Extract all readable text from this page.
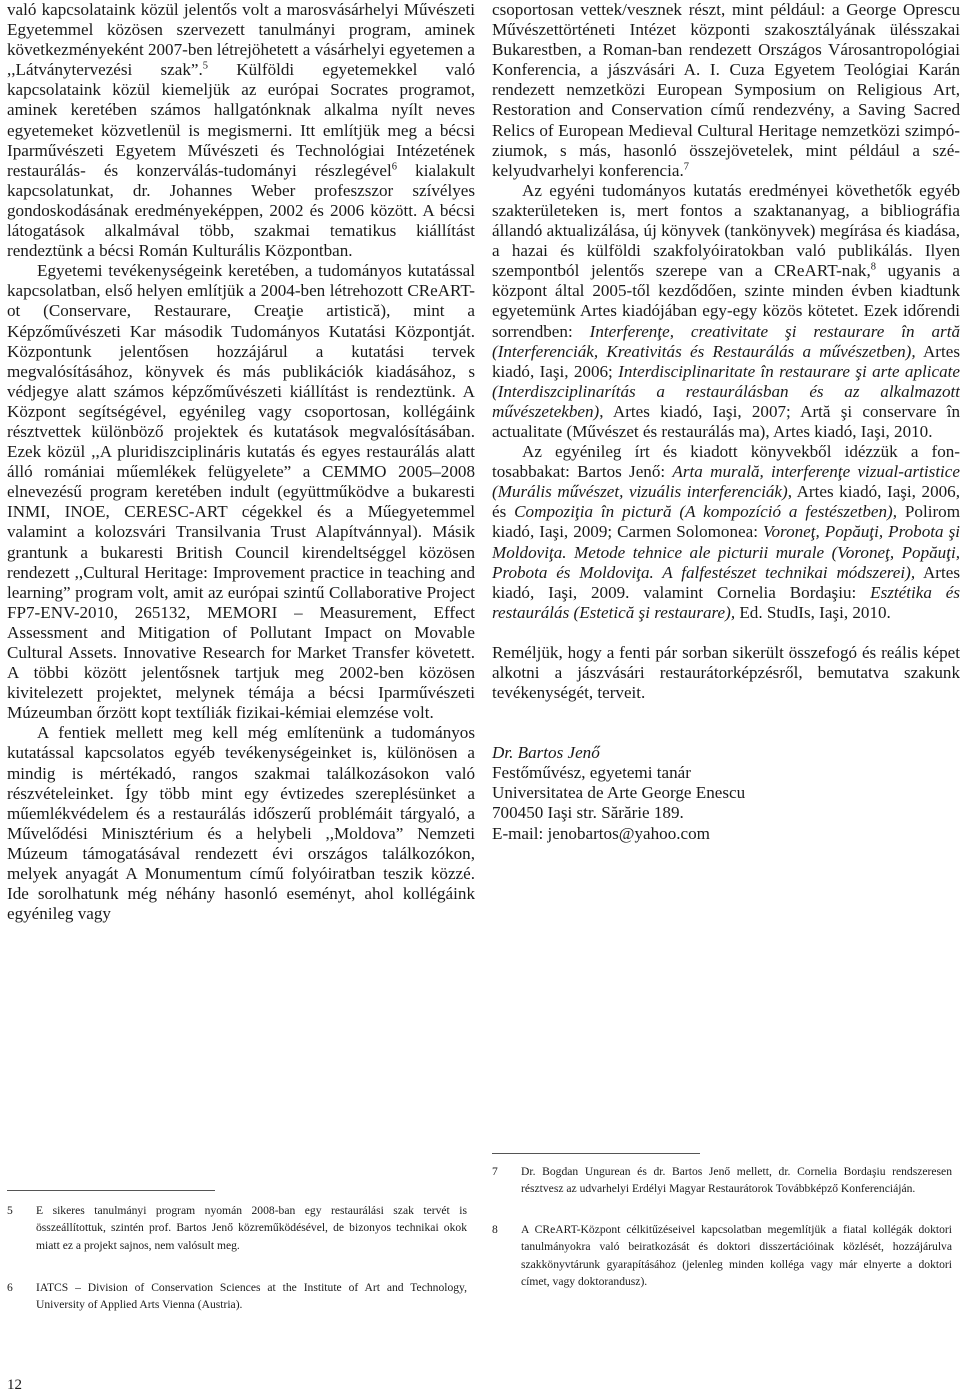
való kapcsolataink közül jelentős volt a marosvásárhelyi Művészeti Egyetemmel közösen szervezett tanulmányi program, aminek következményeként 2007-ben létrejöhetett a vásárhelyi egyetemen a ,,Látványtervezési szak”.$^5$ Külföldi egyetemekkel való kapcsolataink közül kiemeljük az európai Socrates programot, aminek keretében számos hallgatónknak alkalma nyílt neves egyetemeket közvetlenül is megismerni. Itt említjük meg a bécsi Iparművészeti Egyetem Művészeti és Technológiai Intézetének restaurálás- és konzerválás-tudományi részlegével$^6$ kialakult kapcsolatunkat, dr. Johannes Weber profeszszor szívélyes gondoskodásának eredményeképpen, 2002 és 2006 között. A bécsi látogatások alkalmával több, szakmai tematikus kiállítást rendeztünk a bécsi Román Kulturális Központban.

Egyetemi tevékenységeink keretében, a tudományos kutatással kapcsolatban, első helyen említjük a 2004-ben létrehozott CReART-ot (Conservare, Restaurare, Creaţie artistică), mint a Képzőművészeti Kar második Tudományos Kutatási Központját. Központunk jelentősen hozzájárul a kutatási tervek megvalósításához, könyvek és más publikációk kiadásához, s védjegye alatt számos képzőművészeti kiállítást is rendeztünk. A Központ segítségével, egyénileg vagy csoportosan, kollégáink résztvettek különböző projektek és kutatások megvalósításában. Ezek közül ,,A pluridiszciplináris kutatás és egyes restaurálás alatt álló romániai műemlékek felügyelete” a CEMMO 2005–2008 elnevezésű program keretében indult (együttműködve a bukaresti INMI, INOE, CERESC-ART cégekkel és a Műegyetemmel valamint a kolozsvári Transilvania Trust Alapítvánnyal). Másik grantunk a bukaresti British Council kirendeltséggel közösen rendezett ,,Cultural Heritage: Improvement practice in teaching and learning” program volt, amit az európai szintű Collaborative Project FP7-ENV-2010, 265132, MEMORI – Measurement, Effect Assessment and Mitigation of Pollutant Impact on Movable Cultural Assets. Innovative Research for Market Transfer követett. A többi között jelentősnek tartjuk meg 2002-ben közösen kivitelezett projektet, melynek témája a bécsi Iparművészeti Múzeumban őrzött kopt textíliák fizikai-kémiai elemzése volt.

A fentiek mellett meg kell még említenünk a tudományos kutatással kapcsolatos egyéb tevékenységeinket is, különösen a mindig is mértékadó, rangos szakmai találkozásokon való részvételeinket. Így több mint egy évtizedes szereplésünket a műemlékvédelem és a restaurálás időszerű problémáit tárgyaló, a Művelődési Minisztérium és a helybeli ,,Moldova” Nemzeti Múzeum támogatásával rendezett évi országos találkozókon, melyek anyagát A Monumentum című folyóiratban teszik közzé. Ide sorolhatunk még néhány hasonló eseményt, ahol kollégáink egyénileg vagy

5 E sikeres tanulmányi program nyomán 2008-ban egy restaurálási szak tervét is összeállítottuk, szintén prof. Bartos Jenő közreműködésével, de bizonyos technikai okok miatt ez a projekt sajnos, nem valósult meg.
6 IATCS – Division of Conservation Sciences at the Institute of Art and Technology, University of Applied Arts Vienna (Austria).

csoportosan vettek/vesznek részt, mint például: a George Oprescu Művészettörténeti Intézet központi szakosztályának ülésszakai Bukarestben, a Roman-ban rendezett Országos Városantropológiai Konferencia, a jászvásári A. I. Cuza Egyetem Teológiai Karán rendezett nemzetközi European Symposium on Religious Art, Restoration and Conservation című rendezvény, a Saving Sacred Relics of European Medieval Cultural Heritage nemzetközi szimpóziumok, s más, hasonló összejövetelek, mint például a székelyudvarhelyi konferencia.$^7$

Az egyéni tudományos kutatás eredményei követhetők egyéb szakterületeken is, mert fontos a szaktananyag, a bibliográfia állandó aktualizálása, új könyvek (tankönyvek) megírása és kiadása, a hazai és külföldi szakfolyóiratokban való publikálás. Ilyen szempontból jelentős szerepe van a CReART-nak,$^8$ ugyanis a központ által 2005-től kezdődően, szinte minden évben kiadtunk egyetemünk Artes kiadójában egy-egy közös kötetet. Ezek időrendi sorrendben: Interferenţe, creativitate şi restaurare în artă (Interferenciák, Kreativitás és Restaurálás a művészetben), Artes kiadó, Iaşi, 2006; Interdisciplinaritate în restaurare şi arte aplicate (Interdiszciplinarítás a restaurálásban és az alkalmazott művészetekben), Artes kiadó, Iaşi, 2007; Artă şi conservare în actualitate (Művészet és restaurálás ma), Artes kiadó, Iaşi, 2010.

Az egyénileg írt és kiadott könyvekből idézzük a fontosabbakat: Bartos Jenő: Arta murală, interferenţe vizual-artistice (Murális művészet, vizuális interferenciák), Artes kiadó, Iaşi, 2006, és Compoziţia în pictură (A kompozíció a festészetben), Polirom kiadó, Iaşi, 2009; Carmen Solomonea: Voroneţ, Popăuţi, Probota şi Moldoviţa. Metode tehnice ale picturii murale (Voroneţ, Popăuţi, Probota és Moldoviţa. A falfestészet technikai módszerei), Artes kiadó, Iaşi, 2009. valamint Cornelia Bordaşiu: Esztétika és restaurálás (Estetică şi restaurare), Ed. StudIs, Iaşi, 2010.

Reméljük, hogy a fenti pár sorban sikerült összefogó és reális képet alkotni a jászvásári restaurátorképzésről, bemutatva szakunk tevékenységét, terveit.

Dr. Bartos Jenő

Festőművész, egyetemi tanár

Universitatea de Arte George Enescu

700450 Iaşi str. Sărărie 189.

E-mail: jenobartos@yahoo.com

7 Dr. Bogdan Ungurean és dr. Bartos Jenő mellett, dr. Cornelia Bordaşiu rendszeresen résztvesz az udvarhelyi Erdélyi Magyar Restaurátorok Továbbképző Konferenciáján.
8 A CReART-Központ célkitűzéseivel kapcsolatban megemlítjük a fiatal kollégák doktori tanulmányokra való beiratkozását és doktori disszertációinak közlését, hozzájárulva szakkönyvtárunk gyarapításához (jelenleg minden kolléga vagy már elnyerte a doktori címet, vagy doktorandusz).
12
